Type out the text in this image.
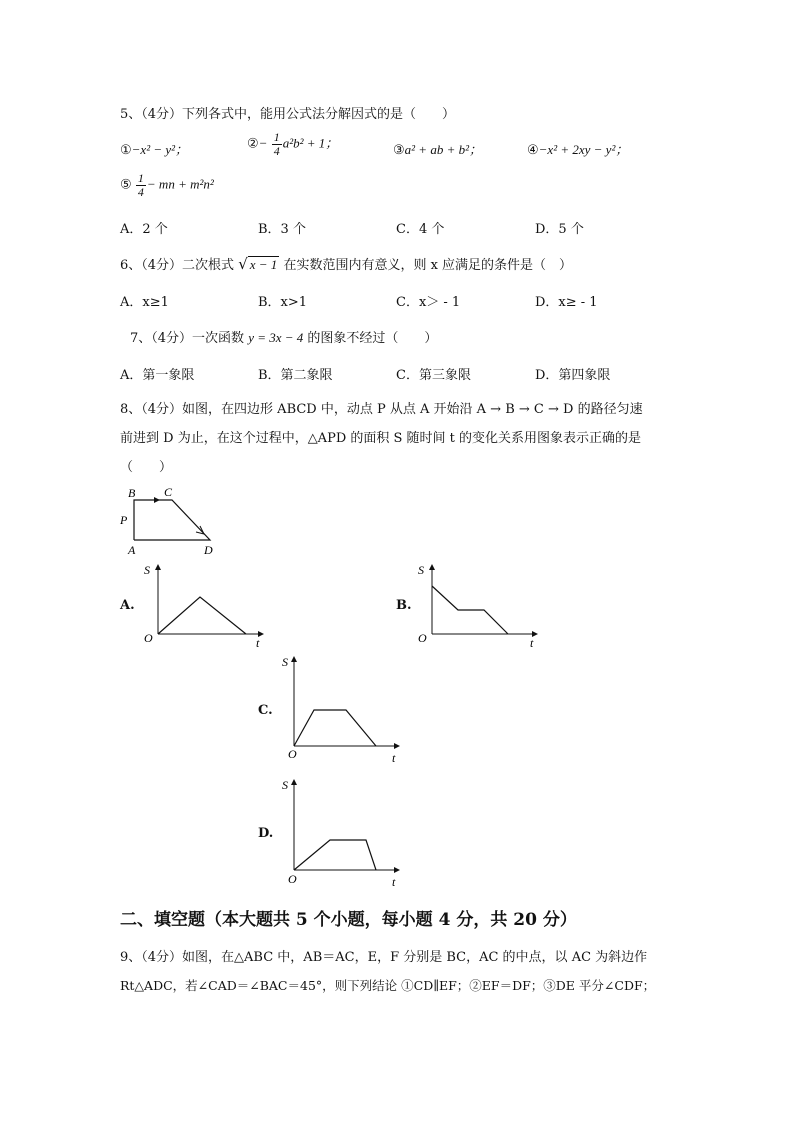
5、（4分）下列各式中，能用公式法分解因式的是（　　）
①−x² − y²；	②− $\frac{1}{4} a^2b^2 + 1$；	③a² + ab + b²；	④−x² + 2xy − y²；
⑤ $\frac{1}{4}$ − mn + m²n²
A．2 个	B．3 个	C．4 个	D．5 个
6、（4分）二次根式 √ x − 1 在实数范围内有意义，则 x 应满足的条件是（　）
A．x≥1	B．x>1	C．x＞ - 1	D．x≥ - 1
7、（4分）一次函数 y = 3x − 4 的图象不经过（　　）
A．第一象限	B．第二象限	C．第三象限	D．第四象限
8、（4分）如图，在四边形 ABCD 中，动点 P 从点 A 开始沿 A → B → C → D 的路径匀速
前进到 D 为止，在这个过程中，△APD 的面积 S 随时间 t 的变化关系用图象表示正确的是
（　　）
B C
P
A	D
A.
S
t
O
B.
S
t
O
C.
S
t
O
D.
S
t
O
二、填空题（本大题共 5 个小题，每小题 4 分，共 20 分）
9、（4分）如图，在△ABC 中，AB＝AC，E，F 分别是 BC，AC 的中点，以 AC 为斜边作
Rt△ADC，若∠CAD＝∠BAC＝45°，则下列结论 ①CD∥EF；②EF＝DF；③DE 平分∠CDF；
